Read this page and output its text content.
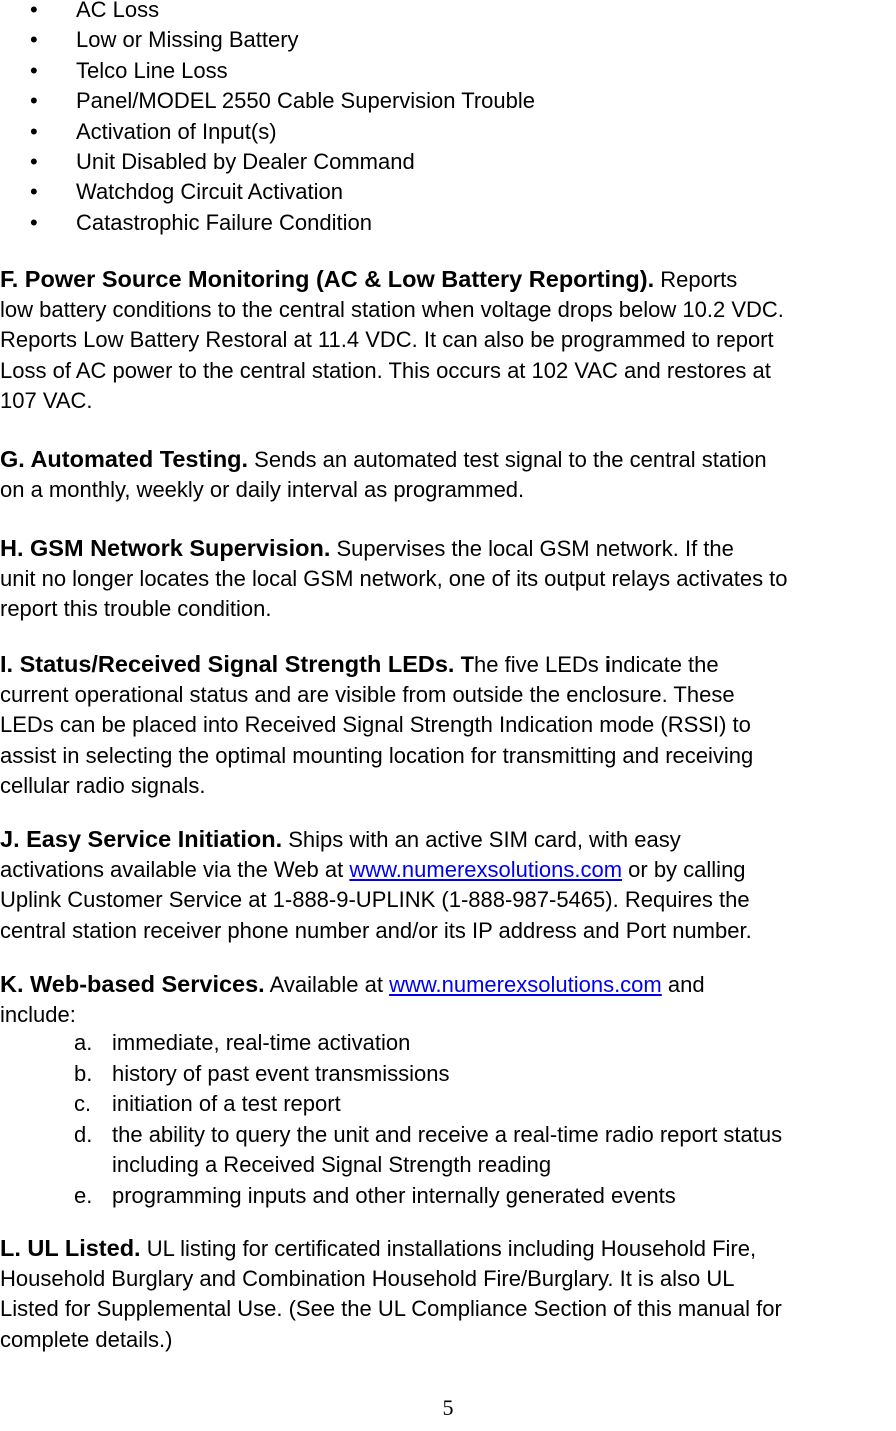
• AC Loss
• Low or Missing Battery
• Telco Line Loss
• Panel/MODEL 2550 Cable Supervision Trouble
• Activation of Input(s)
• Unit Disabled by Dealer Command
• Watchdog Circuit Activation
• Catastrophic Failure Condition
F. Power Source Monitoring (AC & Low Battery Reporting). Reports
low battery conditions to the central station when voltage drops below 10.2 VDC.
Reports Low Battery Restoral at 11.4 VDC. It can also be programmed to report
Loss of AC power to the central station. This occurs at 102 VAC and restores at
107 VAC.
G. Automated Testing. Sends an automated test signal to the central station
on a monthly, weekly or daily interval as programmed.
H. GSM Network Supervision. Supervises the local GSM network. If the
unit no longer locates the local GSM network, one of its output relays activates to
report this trouble condition.
I. Status/Received Signal Strength LEDs. The five LEDs indicate the
current operational status and are visible from outside the enclosure. These
LEDs can be placed into Received Signal Strength Indication mode (RSSI) to
assist in selecting the optimal mounting location for transmitting and receiving
cellular radio signals.
J. Easy Service Initiation. Ships with an active SIM card, with easy
activations available via the Web at www.numerexsolutions.com or by calling
Uplink Customer Service at 1-888-9-UPLINK (1-888-987-5465). Requires the
central station receiver phone number and/or its IP address and Port number.
K. Web-based Services. Available at www.numerexsolutions.com and
include:
a. immediate, real-time activation
b. history of past event transmissions
c. initiation of a test report
d. the ability to query the unit and receive a real-time radio report status
including a Received Signal Strength reading
e. programming inputs and other internally generated events
L. UL Listed. UL listing for certificated installations including Household Fire,
Household Burglary and Combination Household Fire/Burglary. It is also UL
Listed for Supplemental Use. (See the UL Compliance Section of this manual for
complete details.)
5
